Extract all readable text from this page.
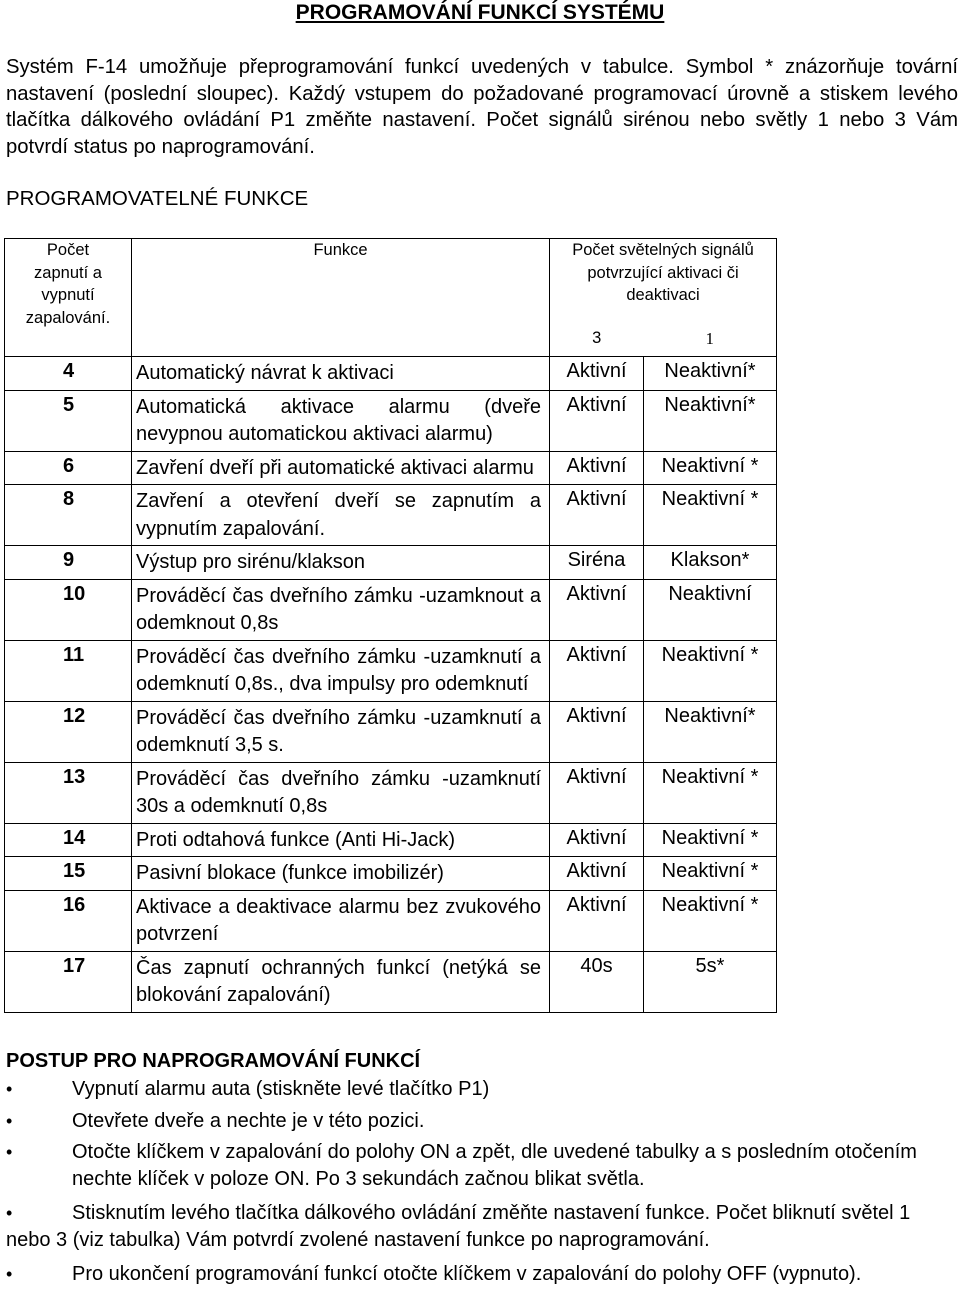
PROGRAMOVÁNÍ FUNKCÍ SYSTÉMU

Systém F-14 umožňuje přeprogramování funkcí uvedených v tabulce. Symbol * znázorňuje tovární nastavení (poslední sloupec). Každý vstupem do požadované programovací úrovně a stiskem levého tlačítka dálkového ovládání P1 změňte nastavení. Počet signálů sirénou nebo světly 1 nebo 3 Vám potvrdí status po naprogramování.

PROGRAMOVATELNÉ FUNKCE

Počet zapnutí a vypnutí zapalování.	Funkce	Počet světelných signálů potvrzující aktivaci či deaktivaci	
		3	1
4	Automatický návrat k aktivaci	Aktivní	Neaktivní*
5	Automatická aktivace alarmu (dveře nevypnou automatickou aktivaci alarmu)	Aktivní	Neaktivní*
6	Zavření dveří při automatické aktivaci alarmu	Aktivní	Neaktivní *
8	Zavření a otevření dveří se zapnutím a vypnutím zapalování.	Aktivní	Neaktivní *
9	Výstup pro sirénu/klakson	Siréna	Klakson*
10	Prováděcí čas dveřního zámku -uzamknout a odemknout 0,8s	Aktivní	Neaktivní
11	Prováděcí čas dveřního zámku -uzamknutí a odemknutí 0,8s., dva impulsy pro odemknutí	Aktivní	Neaktivní *
12	Prováděcí čas dveřního zámku -uzamknutí a odemknutí 3,5 s.	Aktivní	Neaktivní*
13	Prováděcí čas dveřního zámku -uzamknutí 30s a odemknutí 0,8s	Aktivní	Neaktivní *
14	Proti odtahová funkce (Anti Hi-Jack)	Aktivní	Neaktivní *
15	Pasivní blokace (funkce imobilizér)	Aktivní	Neaktivní *
16	Aktivace a deaktivace alarmu bez zvukového potvrzení	Aktivní	Neaktivní *
17	Čas zapnutí ochranných funkcí (netýká se blokování zapalování)	40s	5s*

POSTUP PRO NAPROGRAMOVÁNÍ FUNKCÍ

•	Vypnutí alarmu auta (stiskněte levé tlačítko P1)
•	Otevřete dveře a nechte je v této pozici.
•	Otočte klíčkem v zapalování do polohy ON a zpět, dle uvedené tabulky a s posledním otočením nechte klíček v poloze ON. Po 3 sekundách začnou blikat světla.
•	Stisknutím levého tlačítka dálkového ovládání změňte nastavení funkce. Počet bliknutí světel 1 nebo 3 (viz tabulka) Vám potvrdí zvolené nastavení funkce po naprogramování.
•	Pro ukončení programování funkcí otočte klíčkem v zapalování do polohy OFF (vypnuto).
